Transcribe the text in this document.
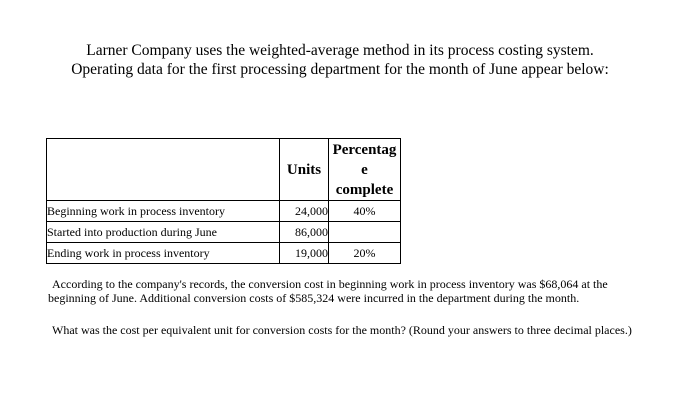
Larner Company uses the weighted-average method in its process costing system.
Operating data for the first processing department for the month of June appear below:
	Units	Percentag
e
complete
Beginning work in process inventory	24,000	40%
Started into production during June	86,000	
Ending work in process inventory	19,000	20%
According to the company's records, the conversion cost in beginning work in process inventory was $68,064 at the
beginning of June. Additional conversion costs of $585,324 were incurred in the department during the month.
What was the cost per equivalent unit for conversion costs for the month? (Round your answers to three decimal places.)
